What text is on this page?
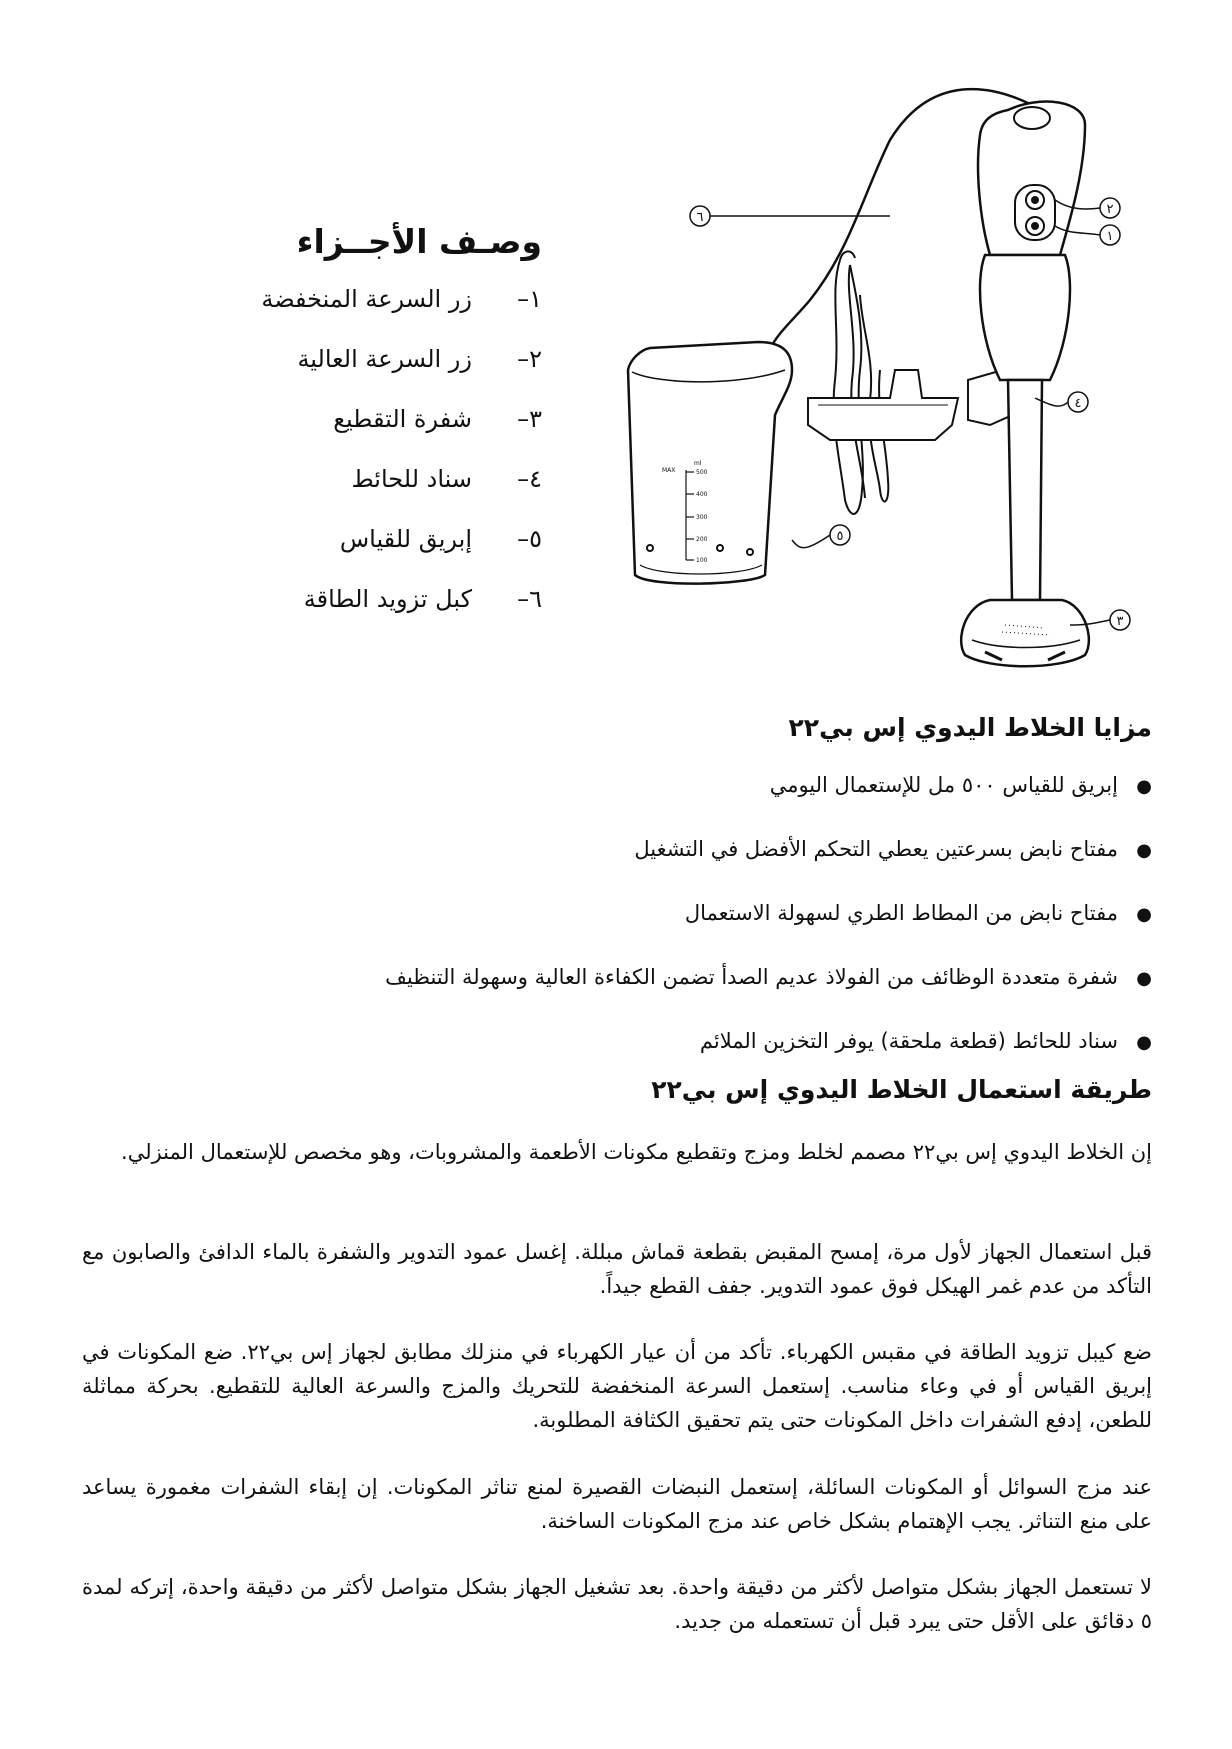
وصـف الأجــزاء
١–
زر السرعة المنخفضة
٢–
زر السرعة العالية
٣–
شفرة التقطيع
٤–
سناد للحائط
٥–
إبريق للقياس
٦–
كبل تزويد الطاقة
ml
MAX	500
400
300
200
100
٢
١
٦
٤
٥
٣
مزايا الخلاط اليدوي إس بي٢٢
●
إبريق للقياس ٥٠٠ مل للإستعمال اليومي
●
مفتاح نابض بسرعتين يعطي التحكم الأفضل في التشغيل
●
مفتاح نابض من المطاط الطري لسهولة الاستعمال
●
شفرة متعددة الوظائف من الفولاذ عديم الصدأ تضمن الكفاءة العالية وسهولة التنظيف
●
سناد للحائط (قطعة ملحقة) يوفر التخزين الملائم
طريقة استعمال الخلاط اليدوي إس بي٢٢

إن الخلاط اليدوي إس بي٢٢ مصمم لخلط ومزج وتقطيع مكونات الأطعمة والمشروبات، وهو مخصص للإستعمال المنزلي.

قبل استعمال الجهاز لأول مرة، إمسح المقبض بقطعة قماش مبللة. إغسل عمود التدوير والشفرة بالماء الدافئ والصابون مع التأكد من عدم غمر الهيكل فوق عمود التدوير. جفف القطع جيداً.

ضع كيبل تزويد الطاقة في مقبس الكهرباء. تأكد من أن عيار الكهرباء في منزلك مطابق لجهاز إس بي٢٢. ضع المكونات في إبريق القياس أو في وعاء مناسب. إستعمل السرعة المنخفضة للتحريك والمزج والسرعة العالية للتقطيع. بحركة مماثلة للطعن، إدفع الشفرات داخل المكونات حتى يتم تحقيق الكثافة المطلوبة.

عند مزج السوائل أو المكونات السائلة، إستعمل النبضات القصيرة لمنع تناثر المكونات. إن إبقاء الشفرات مغمورة يساعد على منع التناثر. يجب الإهتمام بشكل خاص عند مزج المكونات الساخنة.

لا تستعمل الجهاز بشكل متواصل لأكثر من دقيقة واحدة. بعد تشغيل الجهاز بشكل متواصل لأكثر من دقيقة واحدة، إتركه لمدة ٥ دقائق على الأقل حتى يبرد قبل أن تستعمله من جديد.
